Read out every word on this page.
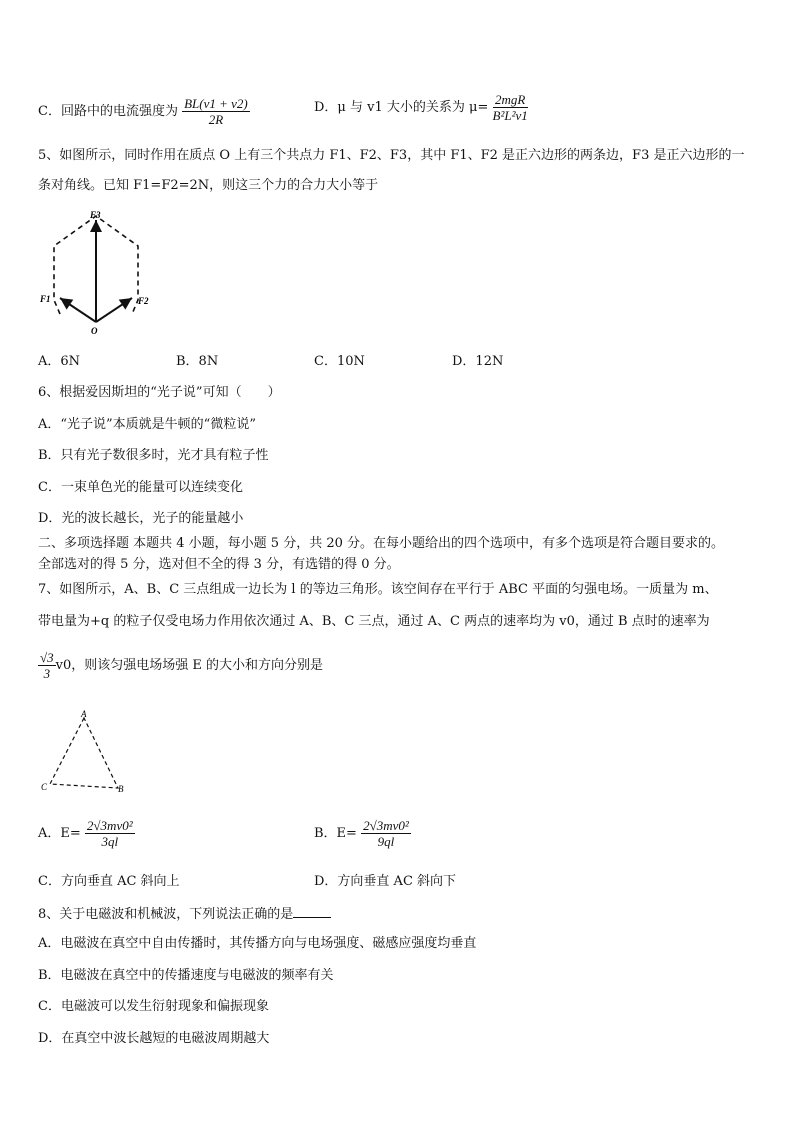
C．回路中的电流强度为 $\frac{BL(v1 + v2)}{2R}$	D．μ 与 v1 大小的关系为 $\mu= \frac{\text{2mgR}}{\text{B²L²v1}}$
5、如图所示，同时作用在质点 O 上有三个共点力 F1、F2、F3，其中 F1、F2 是正六边形的两条边，F3 是正六边形的一
条对角线。已知 F1=F2=2N，则这三个力的合力大小等于
F3
F1	F2
O
A．6N	B．8N	C．10N	D．12N
6、根据爱因斯坦的“光子说”可知（　　）
A．“光子说”本质就是牛顿的“微粒说”
B．只有光子数很多时，光才具有粒子性
C．一束单色光的能量可以连续变化
D．光的波长越长，光子的能量越小
二、多项选择题 本题共 4 小题，每小题 5 分，共 20 分。在每小题给出的四个选项中，有多个选项是符合题目要求的。
全部选对的得 5 分，选对但不全的得 3 分，有选错的得 0 分。
7、如图所示，A、B、C 三点组成一边长为 l 的等边三角形。该空间存在平行于 ABC 平面的匀强电场。一质量为 m、
带电量为+q 的粒子仅受电场力作用依次通过 A、B、C 三点，通过 A、C 两点的速率均为 v0，通过 B 点时的速率为
$\frac{√3}{3} v0$，则该匀强电场场强 E 的大小和方向分别是
A
C	B
A．$E= \frac{\text{2√3mv0²}}{3ql}$	B．$E= \frac{\text{2√3mv0²}}{9ql}$
C．方向垂直 AC 斜向上	D．方向垂直 AC 斜向下
8、关于电磁波和机械波，下列说法正确的是
A．电磁波在真空中自由传播时，其传播方向与电场强度、磁感应强度均垂直
B．电磁波在真空中的传播速度与电磁波的频率有关
C．电磁波可以发生衍射现象和偏振现象
D．在真空中波长越短的电磁波周期越大
